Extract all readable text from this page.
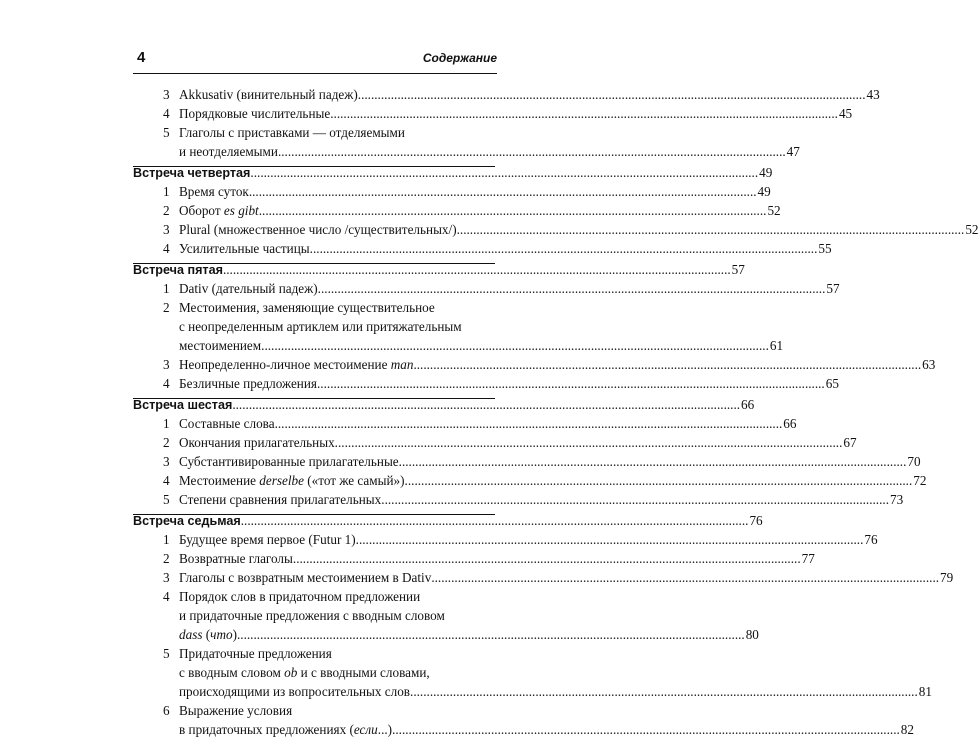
4	Содержание
3 Akkusativ (винительный падеж) .......................................................................................................................................................... 43
4 Порядковые числительные .......................................................................................................................................................... 45
5 Глаголы с приставками — отделяемыми
и неотделяемыми .......................................................................................................................................................... 47
Встреча четвертая .......................................................................................................................................................... 49
1 Время суток .......................................................................................................................................................... 49
2 Оборот es gibt .......................................................................................................................................................... 52
3 Plural (множественное число /существительных/) .......................................................................................................................................................... 52
4 Усилительные частицы .......................................................................................................................................................... 55
Встреча пятая .......................................................................................................................................................... 57
1 Dativ (дательный падеж) .......................................................................................................................................................... 57
2 Местоимения, заменяющие существительное
с неопределенным артиклем или притяжательным
местоимением .......................................................................................................................................................... 61
3 Неопределенно-личное местоимение man .......................................................................................................................................................... 63
4 Безличные предложения .......................................................................................................................................................... 65
Встреча шестая .......................................................................................................................................................... 66
1 Составные слова .......................................................................................................................................................... 66
2 Окончания прилагательных .......................................................................................................................................................... 67
3 Субстантивированные прилагательные .......................................................................................................................................................... 70
4 Местоимение derselbe («тот же самый») .......................................................................................................................................................... 72
5 Степени сравнения прилагательных .......................................................................................................................................................... 73
Встреча седьмая .......................................................................................................................................................... 76
1 Будущее время первое (Futur 1) .......................................................................................................................................................... 76
2 Возвратные глаголы .......................................................................................................................................................... 77
3 Глаголы с возвратным местоимением в Dativ .......................................................................................................................................................... 79
4 Порядок слов в придаточном предложении
и придаточные предложения с вводным словом
dass (что) .......................................................................................................................................................... 80
5 Придаточные предложения
с вводным словом ob и с вводными словами,
происходящими из вопросительных слов .......................................................................................................................................................... 81
6 Выражение условия
в придаточных предложениях (если...) .......................................................................................................................................................... 82
